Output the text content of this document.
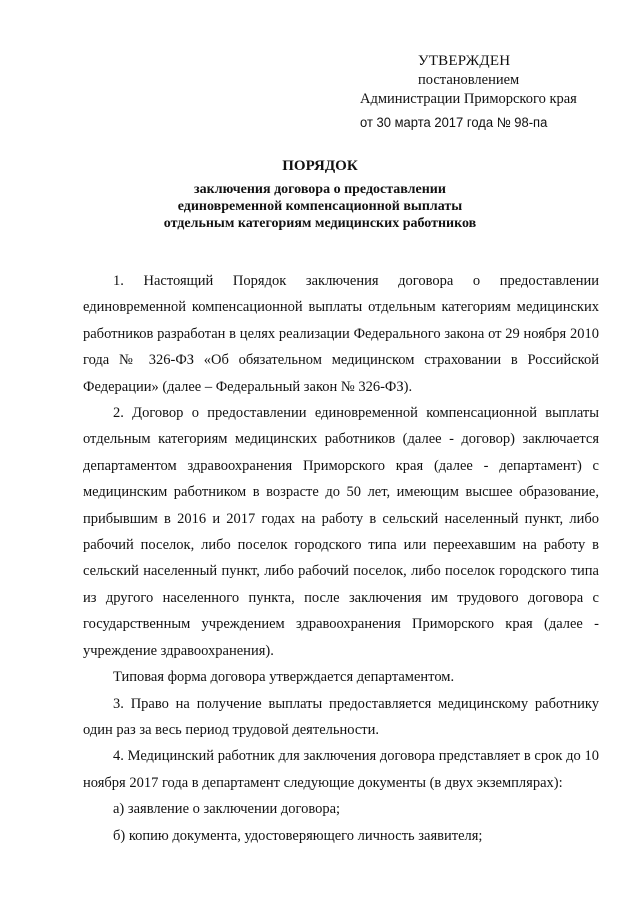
УТВЕРЖДЕН
постановлением
Администрации Приморского края
от 30 марта 2017 года № 98-па
ПОРЯДОК
заключения договора о предоставлении
единовременной компенсационной выплаты
отдельным категориям медицинских работников

1. Настоящий Порядок заключения договора о предоставлении единовременной компенсационной выплаты отдельным категориям медицинских работников разработан в целях реализации Федерального закона от 29 ноября 2010 года № 326-ФЗ «Об обязательном медицинском страховании в Российской Федерации» (далее – Федеральный закон № 326-ФЗ).

2. Договор о предоставлении единовременной компенсационной выплаты отдельным категориям медицинских работников (далее - договор) заключается департаментом здравоохранения Приморского края (далее - департамент) с медицинским работником в возрасте до 50 лет, имеющим высшее образование, прибывшим в 2016 и 2017 годах на работу в сельский населенный пункт, либо рабочий поселок, либо поселок городского типа или переехавшим на работу в сельский населенный пункт, либо рабочий поселок, либо поселок городского типа из другого населенного пункта, после заключения им трудового договора с государственным учреждением здравоохранения Приморского края (далее - учреждение здравоохранения).

Типовая форма договора утверждается департаментом.

3. Право на получение выплаты предоставляется медицинскому работнику один раз за весь период трудовой деятельности.

4. Медицинский работник для заключения договора представляет в срок до 10 ноября 2017 года в департамент следующие документы (в двух экземплярах):

а) заявление о заключении договора;

б) копию документа, удостоверяющего личность заявителя;
